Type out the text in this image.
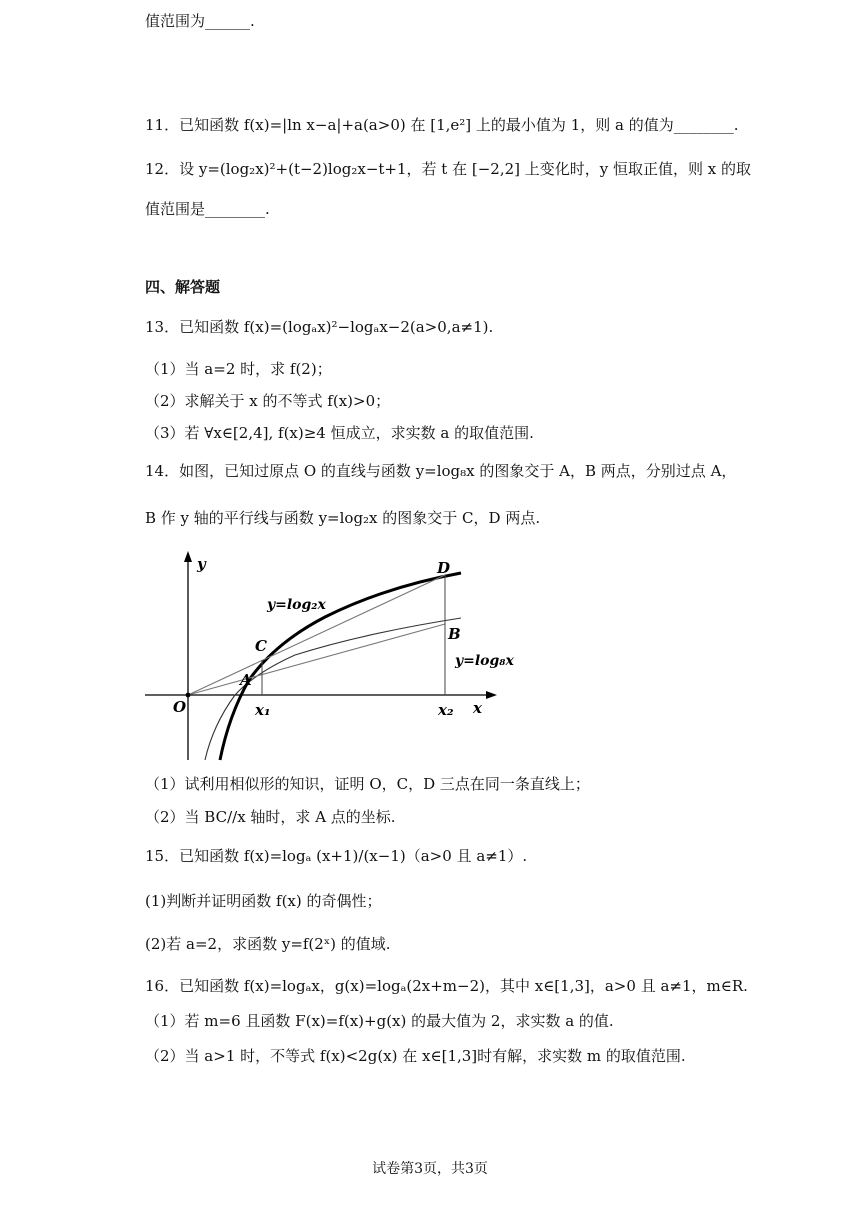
值范围为______.
11．已知函数 f(x)=|ln x−a|+a(a>0) 在 [1,e²] 上的最小值为 1，则 a 的值为________.
12．设 y=(log₂x)²+(t−2)log₂x−t+1，若 t 在 [−2,2] 上变化时，y 恒取正值，则 x 的取
值范围是________.
四、解答题
13．已知函数 f(x)=(logₐx)²−logₐx−2(a>0,a≠1).
（1）当 a=2 时，求 f(2)；
（2）求解关于 x 的不等式 f(x)>0；
（3）若 ∀x∈[2,4], f(x)≥4 恒成立，求实数 a 的取值范围.
14．如图，已知过原点 O 的直线与函数 y=log₈x 的图象交于 A，B 两点，分别过点 A，
B 作 y 轴的平行线与函数 y=log₂x 的图象交于 C，D 两点.
y
x
O
y=log₂x
y=log₈x
C
A
D
B
x₁	x₂
（1）试利用相似形的知识，证明 O，C，D 三点在同一条直线上；
（2）当 BC//x 轴时，求 A 点的坐标.
15．已知函数 f(x)=logₐ (x+1)/(x−1)（a>0 且 a≠1）.
(1)判断并证明函数 f(x) 的奇偶性；
(2)若 a=2，求函数 y=f(2ˣ) 的值域.
16．已知函数 f(x)=logₐx，g(x)=logₐ(2x+m−2)，其中 x∈[1,3]，a>0 且 a≠1，m∈R.
（1）若 m=6 且函数 F(x)=f(x)+g(x) 的最大值为 2，求实数 a 的值.
（2）当 a>1 时，不等式 f(x)<2g(x) 在 x∈[1,3]时有解，求实数 m 的取值范围.
试卷第3页，共3页
